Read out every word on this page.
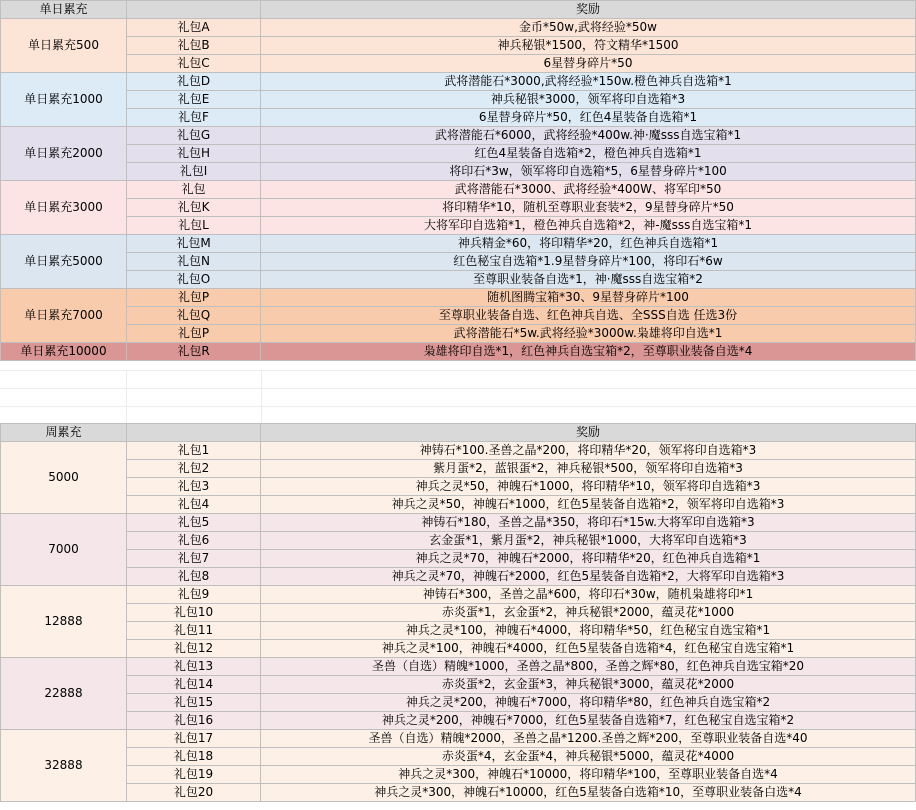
单日累充		奖励
单日累充500	礼包A	金币*50w,武将经验*50w
	礼包B	神兵秘银*1500，符文精华*1500
	礼包C	6星替身碎片*50
单日累充1000	礼包D	武将潜能石*3000,武将经验*150w.橙色神兵自选箱*1
	礼包E	神兵秘银*3000，领军将印自选箱*3
	礼包F	6星替身碎片*50，红色4星装备自选箱*1
单日累充2000	礼包G	武将潜能石*6000，武将经验*400w.神·魔sss自选宝箱*1
	礼包H	红色4星装备自选箱*2，橙色神兵自选箱*1
	礼包I	将印石*3w，领军将印自选箱*5，6星替身碎片*100
单日累充3000	礼包	武将潜能石*3000、武将经验*400W、将军印*50
	礼包K	将印精华*10，随机至尊职业套装*2，9星替身碎片*50
	礼包L	大将军印自选箱*1，橙色神兵自选箱*2，神-魔sss自选宝箱*1
单日累充5000	礼包M	神兵精金*60，将印精华*20，红色神兵自选箱*1
	礼包N	红色秘宝自选箱*1.9星替身碎片*100，将印石*6w
	礼包O	至尊职业装备自选*1，神·魔sss自选宝箱*2
单日累充7000	礼包P	随机图腾宝箱*30、9星替身碎片*100
	礼包Q	至尊职业装备自选、红色神兵自选、全SSS自选 任选3份
	礼包P	武将潜能石*5w.武将经验*3000w.枭雄将印自选*1
单日累充10000	礼包R	枭雄将印自选*1，红色神兵自选宝箱*2，至尊职业装备自选*4
周累充		奖励
5000	礼包1	神铸石*100.圣兽之晶*200，将印精华*20，领军将印自选箱*3
	礼包2	紫月蛋*2，蓝银蛋*2，神兵秘银*500，领军将印自选箱*3
	礼包3	神兵之灵*50，神魄石*1000，将印精华*10，领军将印自选箱*3
	礼包4	神兵之灵*50，神魄石*1000，红色5星装备自选箱*2，领军将印自选箱*3
7000	礼包5	神铸石*180，圣兽之晶*350，将印石*15w.大将军印自选箱*3
	礼包6	玄金蛋*1，紫月蛋*2，神兵秘银*1000，大将军印自选箱*3
	礼包7	神兵之灵*70，神魄石*2000，将印精华*20，红色神兵自选箱*1
	礼包8	神兵之灵*70，神魄石*2000，红色5星装备自选箱*2，大将军印自选箱*3
12888	礼包9	神铸石*300，圣兽之晶*600，将印石*30w，随机枭雄将印*1
	礼包10	赤炎蛋*1，玄金蛋*2，神兵秘银*2000，蕴灵花*1000
	礼包11	神兵之灵*100，神魄石*4000，将印精华*50，红色秘宝自选宝箱*1
	礼包12	神兵之灵*100，神魄石*4000，红色5星装备自选箱*4，红色秘宝自选宝箱*1
22888	礼包13	圣兽（自选）精魄*1000，圣兽之晶*800，圣兽之辉*80，红色神兵自选宝箱*20
	礼包14	赤炎蛋*2，玄金蛋*3，神兵秘银*3000，蕴灵花*2000
	礼包15	神兵之灵*200，神魄石*7000，将印精华*80，红色神兵自选宝箱*2
	礼包16	神兵之灵*200，神魄石*7000，红色5星装备自选箱*7，红色秘宝自选宝箱*2
32888	礼包17	圣兽（自选）精魄*2000，圣兽之晶*1200.圣兽之辉*200，至尊职业装备自选*40
	礼包18	赤炎蛋*4，玄金蛋*4，神兵秘银*5000，蕴灵花*4000
	礼包19	神兵之灵*300，神魄石*10000，将印精华*100，至尊职业装备自选*4
	礼包20	神兵之灵*300，神魄石*10000，红色5星装备白选箱*10，至尊职业装备白选*4
